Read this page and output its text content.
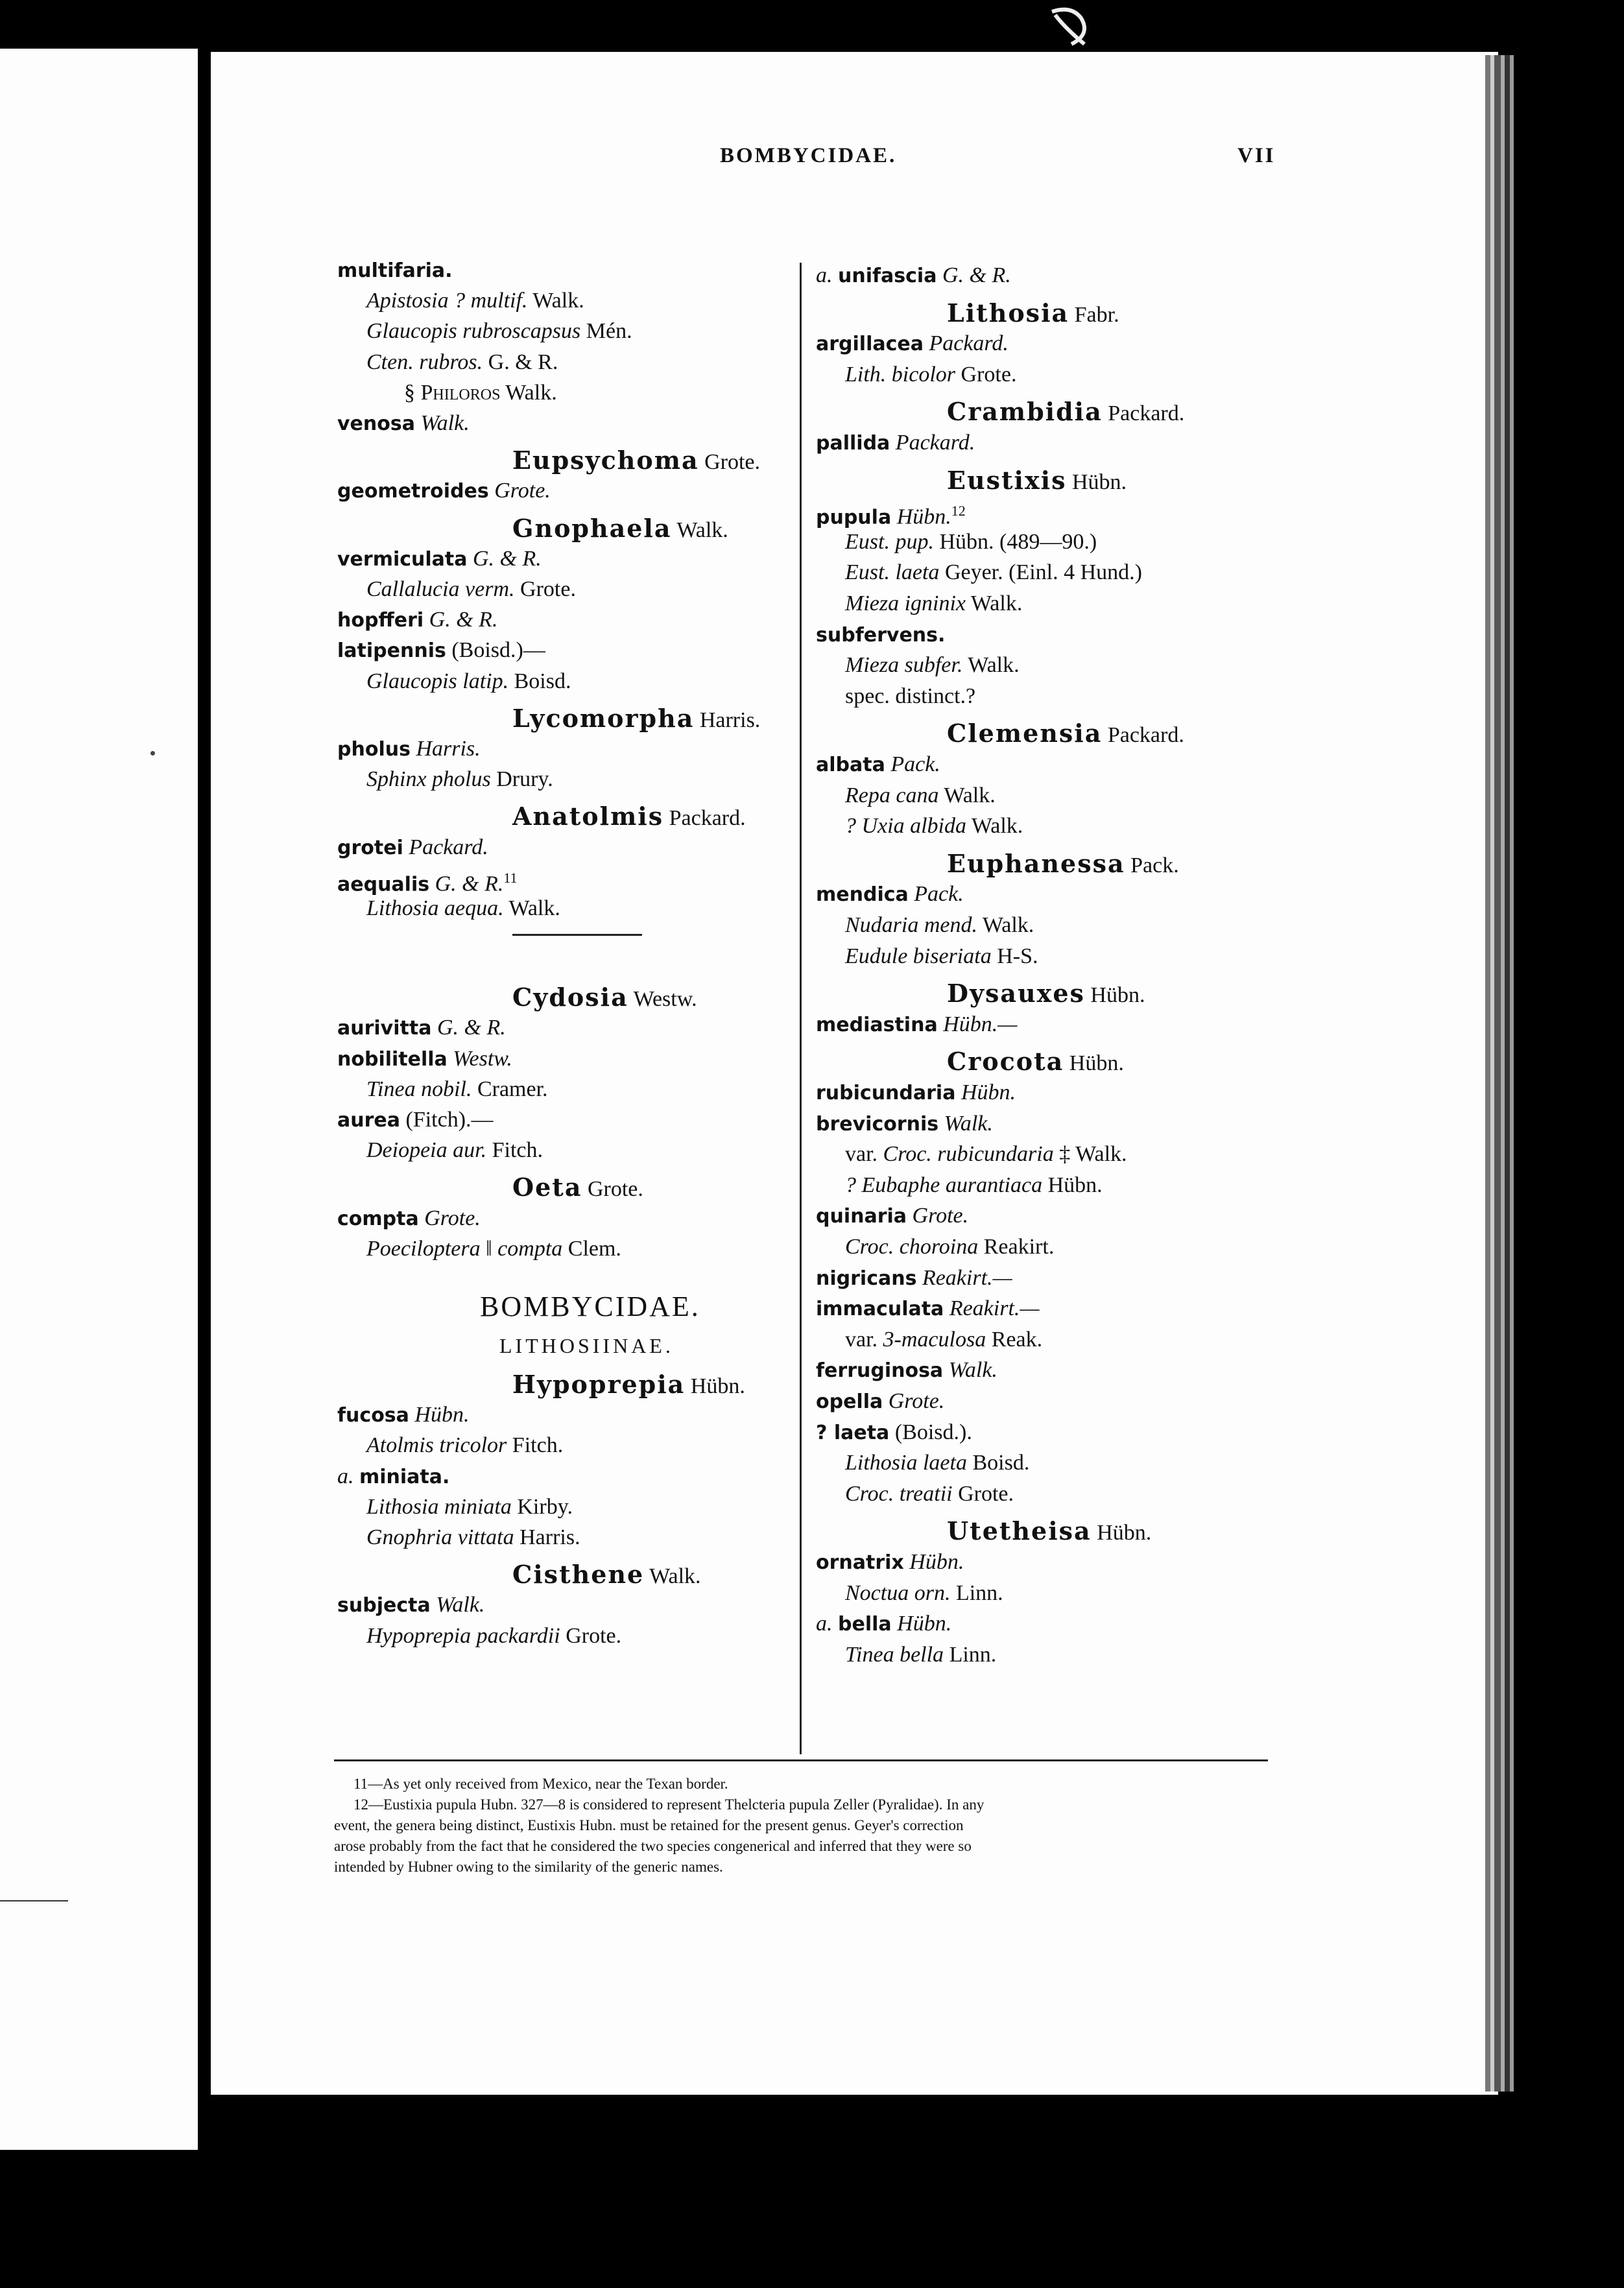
BOMBYCIDAE.	VII
multifaria.
Apistosia ? multif. Walk.
Glaucopis rubroscapsus Mén.
Cten. rubros. G. & R.
§ Philoros Walk.
venosa Walk.
Eupsychoma Grote.
geometroides Grote.
Gnophaela Walk.
vermiculata G. & R.
Callalucia verm. Grote.
hopfferi G. & R.
latipennis (Boisd.)—
Glaucopis latip. Boisd.
Lycomorpha Harris.
pholus Harris.
Sphinx pholus Drury.
Anatolmis Packard.
grotei Packard.
aequalis G. & R.$^{11}$
Lithosia aequa. Walk.
Cydosia Westw.
aurivitta G. & R.
nobilitella Westw.
Tinea nobil. Cramer.
aurea (Fitch).—
Deiopeia aur. Fitch.
Oeta Grote.
compta Grote.
Poeciloptera ‖ compta Clem.
BOMBYCIDAE.
LITHOSIINAE.
Hypoprepia Hübn.
fucosa Hübn.
Atolmis tricolor Fitch.
a. miniata.
Lithosia miniata Kirby.
Gnophria vittata Harris.
Cisthene Walk.
subjecta Walk.
Hypoprepia packardii Grote.
a. unifascia G. & R.
Lithosia Fabr.
argillacea Packard.
Lith. bicolor Grote.
Crambidia Packard.
pallida Packard.
Eustixis Hübn.
pupula Hübn.$^{12}$
Eust. pup. Hübn. (489—90.)
Eust. laeta Geyer. (Einl. 4 Hund.)
Mieza igninix Walk.
subfervens.
Mieza subfer. Walk.
spec. distinct.?
Clemensia Packard.
albata Pack.
Repa cana Walk.
? Uxia albida Walk.
Euphanessa Pack.
mendica Pack.
Nudaria mend. Walk.
Eudule biseriata H-S.
Dysauxes Hübn.
mediastina Hübn.—
Crocota Hübn.
rubicundaria Hübn.
brevicornis Walk.
var. Croc. rubicundaria ‡ Walk.
? Eubaphe aurantiaca Hübn.
quinaria Grote.
Croc. choroina Reakirt.
nigricans Reakirt.—
immaculata Reakirt.—
var. 3-maculosa Reak.
ferruginosa Walk.
opella Grote.
? laeta (Boisd.).
Lithosia laeta Boisd.
Croc. treatii Grote.
Utetheisa Hübn.
ornatrix Hübn.
Noctua orn. Linn.
a. bella Hübn.
Tinea bella Linn.
11—As yet only received from Mexico, near the Texan border.
12—Eustixia pupula Hubn. 327—8 is considered to represent Thelcteria pupula Zeller (Pyralidae). In any
event, the genera being distinct, Eustixis Hubn. must be retained for the present genus. Geyer's correction
arose probably from the fact that he considered the two species congenerical and inferred that they were so
intended by Hubner owing to the similarity of the generic names.
